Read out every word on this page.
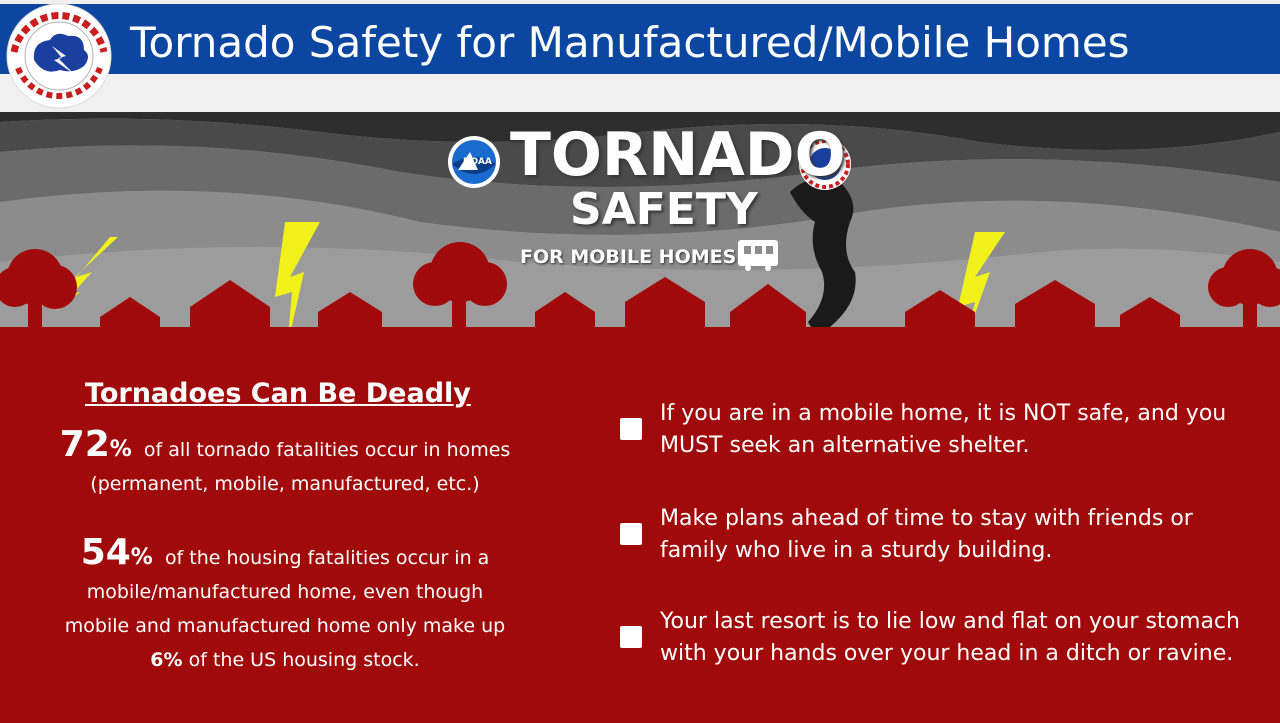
Tornado Safety for Manufactured/Mobile Homes
TORNADO
SAFETY
FOR MOBILE HOMES
Tornadoes Can Be Deadly
72% of all tornado fatalities occur in homes
(permanent, mobile, manufactured, etc.)
54% of the housing fatalities occur in a
mobile/manufactured home, even though
mobile and manufactured home only make up
6% of the US housing stock.
If you are in a mobile home, it is NOT safe, and you
MUST seek an alternative shelter.
Make plans ahead of time to stay with friends or
family who live in a sturdy building.
Your last resort is to lie low and flat on your stomach
with your hands over your head in a ditch or ravine.
NOAA
